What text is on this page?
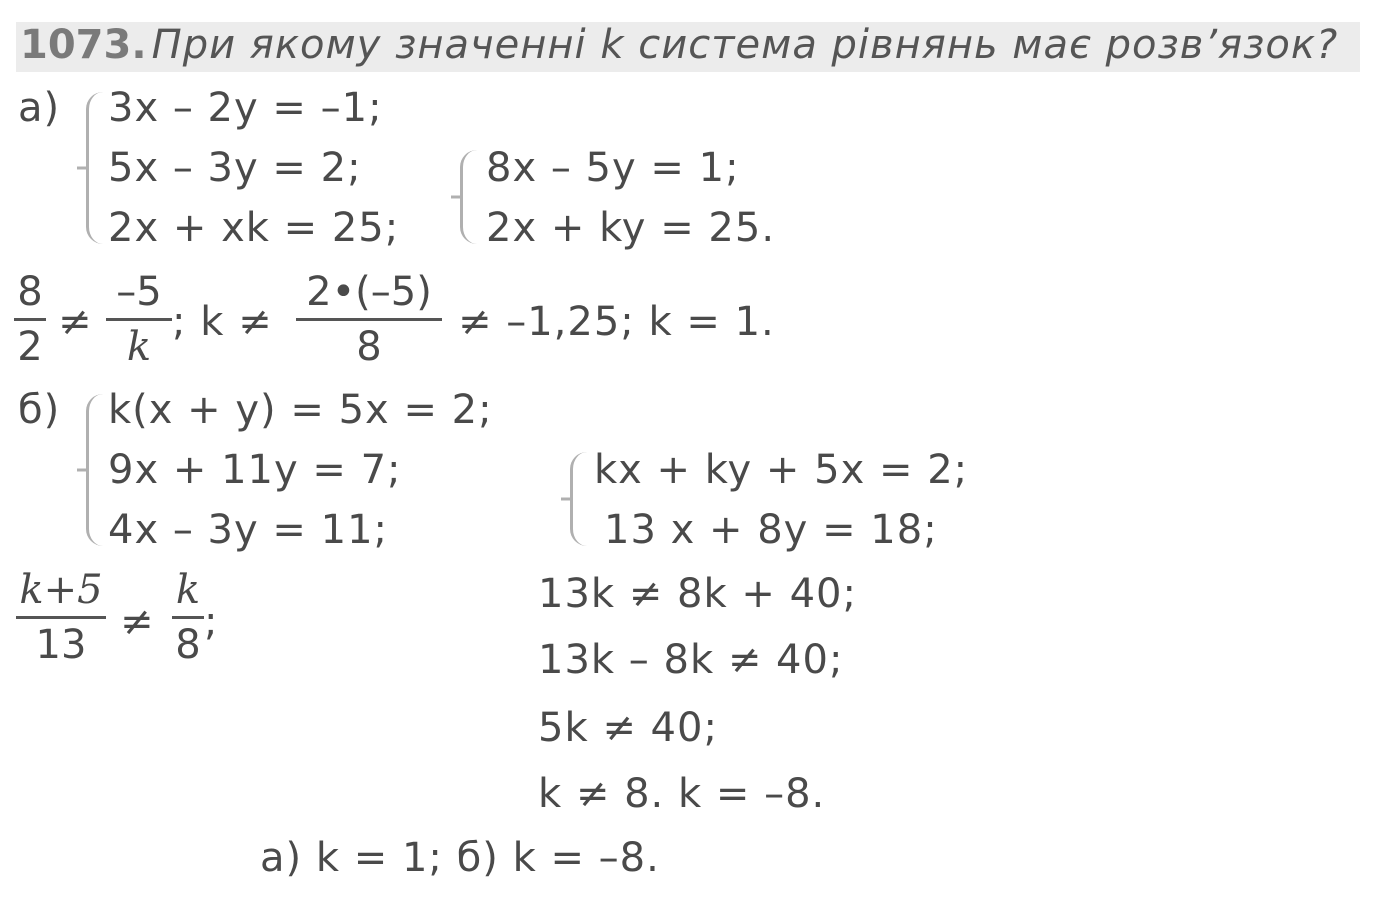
1073. При якому значенні k система рівнянь має розв’язок?
а) 3x – 2y = –1;
5x – 3y = 2;
2x + xk = 25;
8x – 5y = 1;
2x + ky = 25.
8
2
≠
–5
k
; k ≠
2•(–5)
8
≠ –1,25; k = 1.
б) k(x + y) = 5x = 2;
9x + 11y = 7;
4x – 3y = 11;
kx + ky + 5x = 2;
13 x + 8y = 18;
k+5
13 ≠
k
8 ;
13k ≠ 8k + 40;
13k – 8k ≠ 40;
5k ≠ 40;
k ≠ 8. k = –8.
а) k = 1; б) k = –8.
